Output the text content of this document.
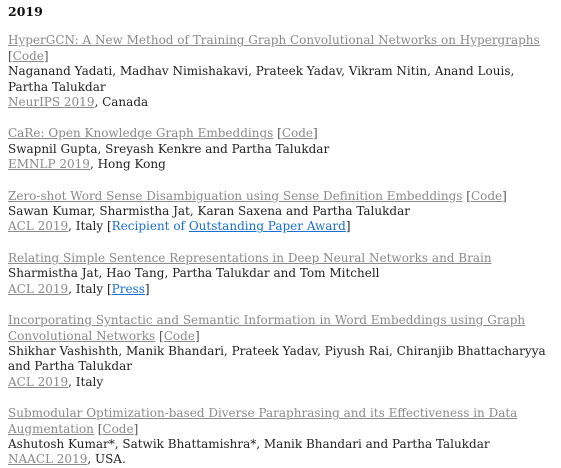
2019
HyperGCN: A New Method of Training Graph Convolutional Networks on Hypergraphs [Code]
Naganand Yadati, Madhav Nimishakavi, Prateek Yadav, Vikram Nitin, Anand Louis, Partha Talukdar
NeurIPS 2019, Canada
CaRe: Open Knowledge Graph Embeddings [Code]
Swapnil Gupta, Sreyash Kenkre and Partha Talukdar
EMNLP 2019, Hong Kong
Zero-shot Word Sense Disambiguation using Sense Definition Embeddings [Code]
Sawan Kumar, Sharmistha Jat, Karan Saxena and Partha Talukdar
ACL 2019, Italy [Recipient of Outstanding Paper Award]
Relating Simple Sentence Representations in Deep Neural Networks and Brain
Sharmistha Jat, Hao Tang, Partha Talukdar and Tom Mitchell
ACL 2019, Italy [Press]
Incorporating Syntactic and Semantic Information in Word Embeddings using Graph Convolutional Networks [Code]
Shikhar Vashishth, Manik Bhandari, Prateek Yadav, Piyush Rai, Chiranjib Bhattacharyya and Partha Talukdar
ACL 2019, Italy
Submodular Optimization-based Diverse Paraphrasing and its Effectiveness in Data Augmentation [Code]
Ashutosh Kumar*, Satwik Bhattamishra*, Manik Bhandari and Partha Talukdar
NAACL 2019, USA.
